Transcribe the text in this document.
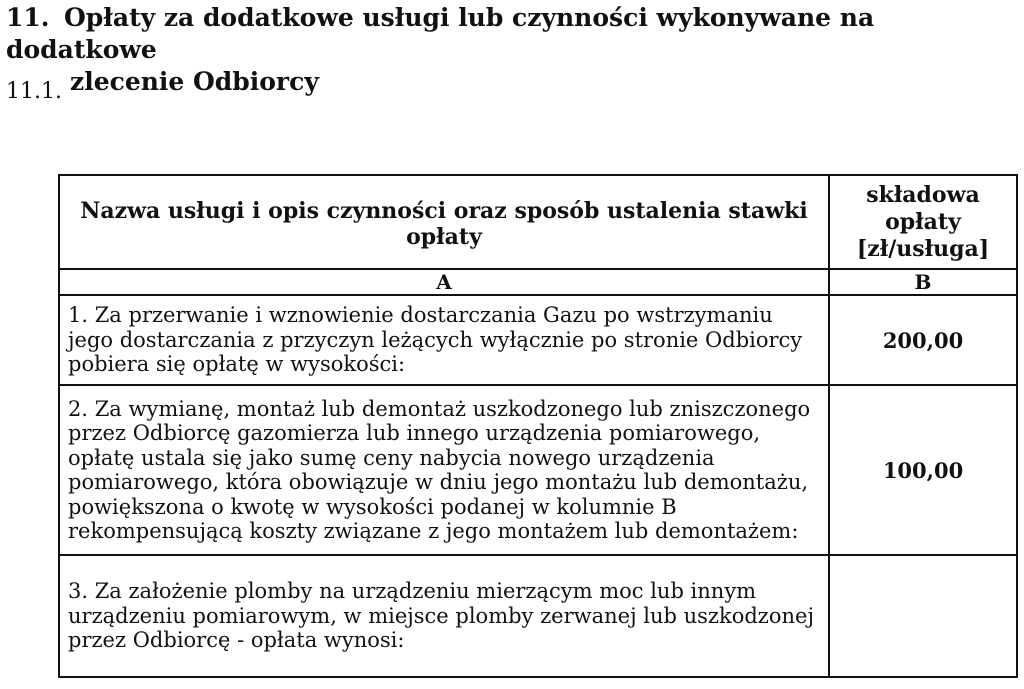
11. Opłaty za dodatkowe usługi lub czynności wykonywane na dodatkowe
zlecenie Odbiorcy
11.1.
Nazwa usługi i opis czynności oraz sposób ustalenia stawki opłaty	składowa
opłaty
[zł/usługa]

A	B
1. Za przerwanie i wznowienie dostarczania Gazu po wstrzymaniu jego dostarczania z przyczyn leżących wyłącznie po stronie Odbiorcy pobiera się opłatę w wysokości:	200,00
2. Za wymianę, montaż lub demontaż uszkodzonego lub zniszczonego przez Odbiorcę gazomierza lub innego urządzenia pomiarowego, opłatę ustala się jako sumę ceny nabycia nowego urządzenia pomiarowego, która obowiązuje w dniu jego montażu lub demontażu, powiększona o kwotę w wysokości podanej w kolumnie B rekompensującą koszty związane z jego montażem lub demontażem:	100,00
3. Za założenie plomby na urządzeniu mierzącym moc lub innym urządzeniu pomiarowym, w miejsce plomby zerwanej lub uszkodzonej przez Odbiorcę - opłata wynosi:	
